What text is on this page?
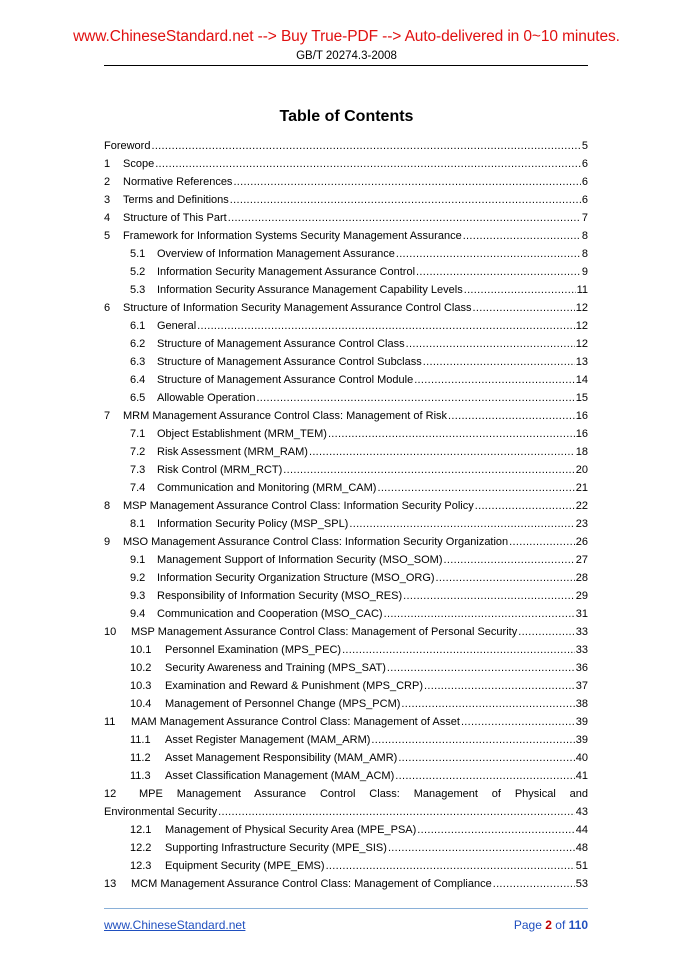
www.ChineseStandard.net --> Buy True-PDF --> Auto-delivered in 0~10 minutes.
GB/T 20274.3-2008
Table of Contents
Foreword .....	5
1	Scope .....	6
2	Normative References .....	6
3	Terms and Definitions .....	6
4	Structure of This Part .....	7
5	Framework for Information Systems Security Management Assurance .....	8
5.1	Overview of Information Management Assurance .....	8
5.2	Information Security Management Assurance Control .....	9
5.3	Information Security Assurance Management Capability Levels .....	11
6	Structure of Information Security Management Assurance Control Class .....	12
6.1	General .....	12
6.2	Structure of Management Assurance Control Class .....	12
6.3	Structure of Management Assurance Control Subclass .....	13
6.4	Structure of Management Assurance Control Module .....	14
6.5	Allowable Operation .....	15
7	MRM Management Assurance Control Class: Management of Risk .....	16
7.1	Object Establishment (MRM_TEM) .....	16
7.2	Risk Assessment (MRM_RAM) .....	18
7.3	Risk Control (MRM_RCT) .....	20
7.4	Communication and Monitoring (MRM_CAM) .....	21
8	MSP Management Assurance Control Class: Information Security Policy .....	22
8.1	Information Security Policy (MSP_SPL) .....	23
9	MSO Management Assurance Control Class: Information Security Organization .....	26
9.1	Management Support of Information Security (MSO_SOM) .....	27
9.2	Information Security Organization Structure (MSO_ORG) .....	28
9.3	Responsibility of Information Security (MSO_RES) .....	29
9.4	Communication and Cooperation (MSO_CAC) .....	31
10	MSP Management Assurance Control Class: Management of Personal Security .....	33
10.1	Personnel Examination (MPS_PEC) .....	33
10.2	Security Awareness and Training (MPS_SAT) .....	36
10.3	Examination and Reward & Punishment (MPS_CRP) .....	37
10.4	Management of Personnel Change (MPS_PCM) .....	38
11	MAM Management Assurance Control Class: Management of Asset .....	39
11.1	Asset Register Management (MAM_ARM) .....	39
11.2	Asset Management Responsibility (MAM_AMR) .....	40
11.3	Asset Classification Management (MAM_ACM) .....	41
12	MPE Management Assurance Control Class: Management of Physical and
Environmental Security .....	43
12.1	Management of Physical Security Area (MPE_PSA) .....	44
12.2	Supporting Infrastructure Security (MPE_SIS) .....	48
12.3	Equipment Security (MPE_EMS) .....	51
13	MCM Management Assurance Control Class: Management of Compliance .....	53
www.ChineseStandard.net	Page 2 of 110
